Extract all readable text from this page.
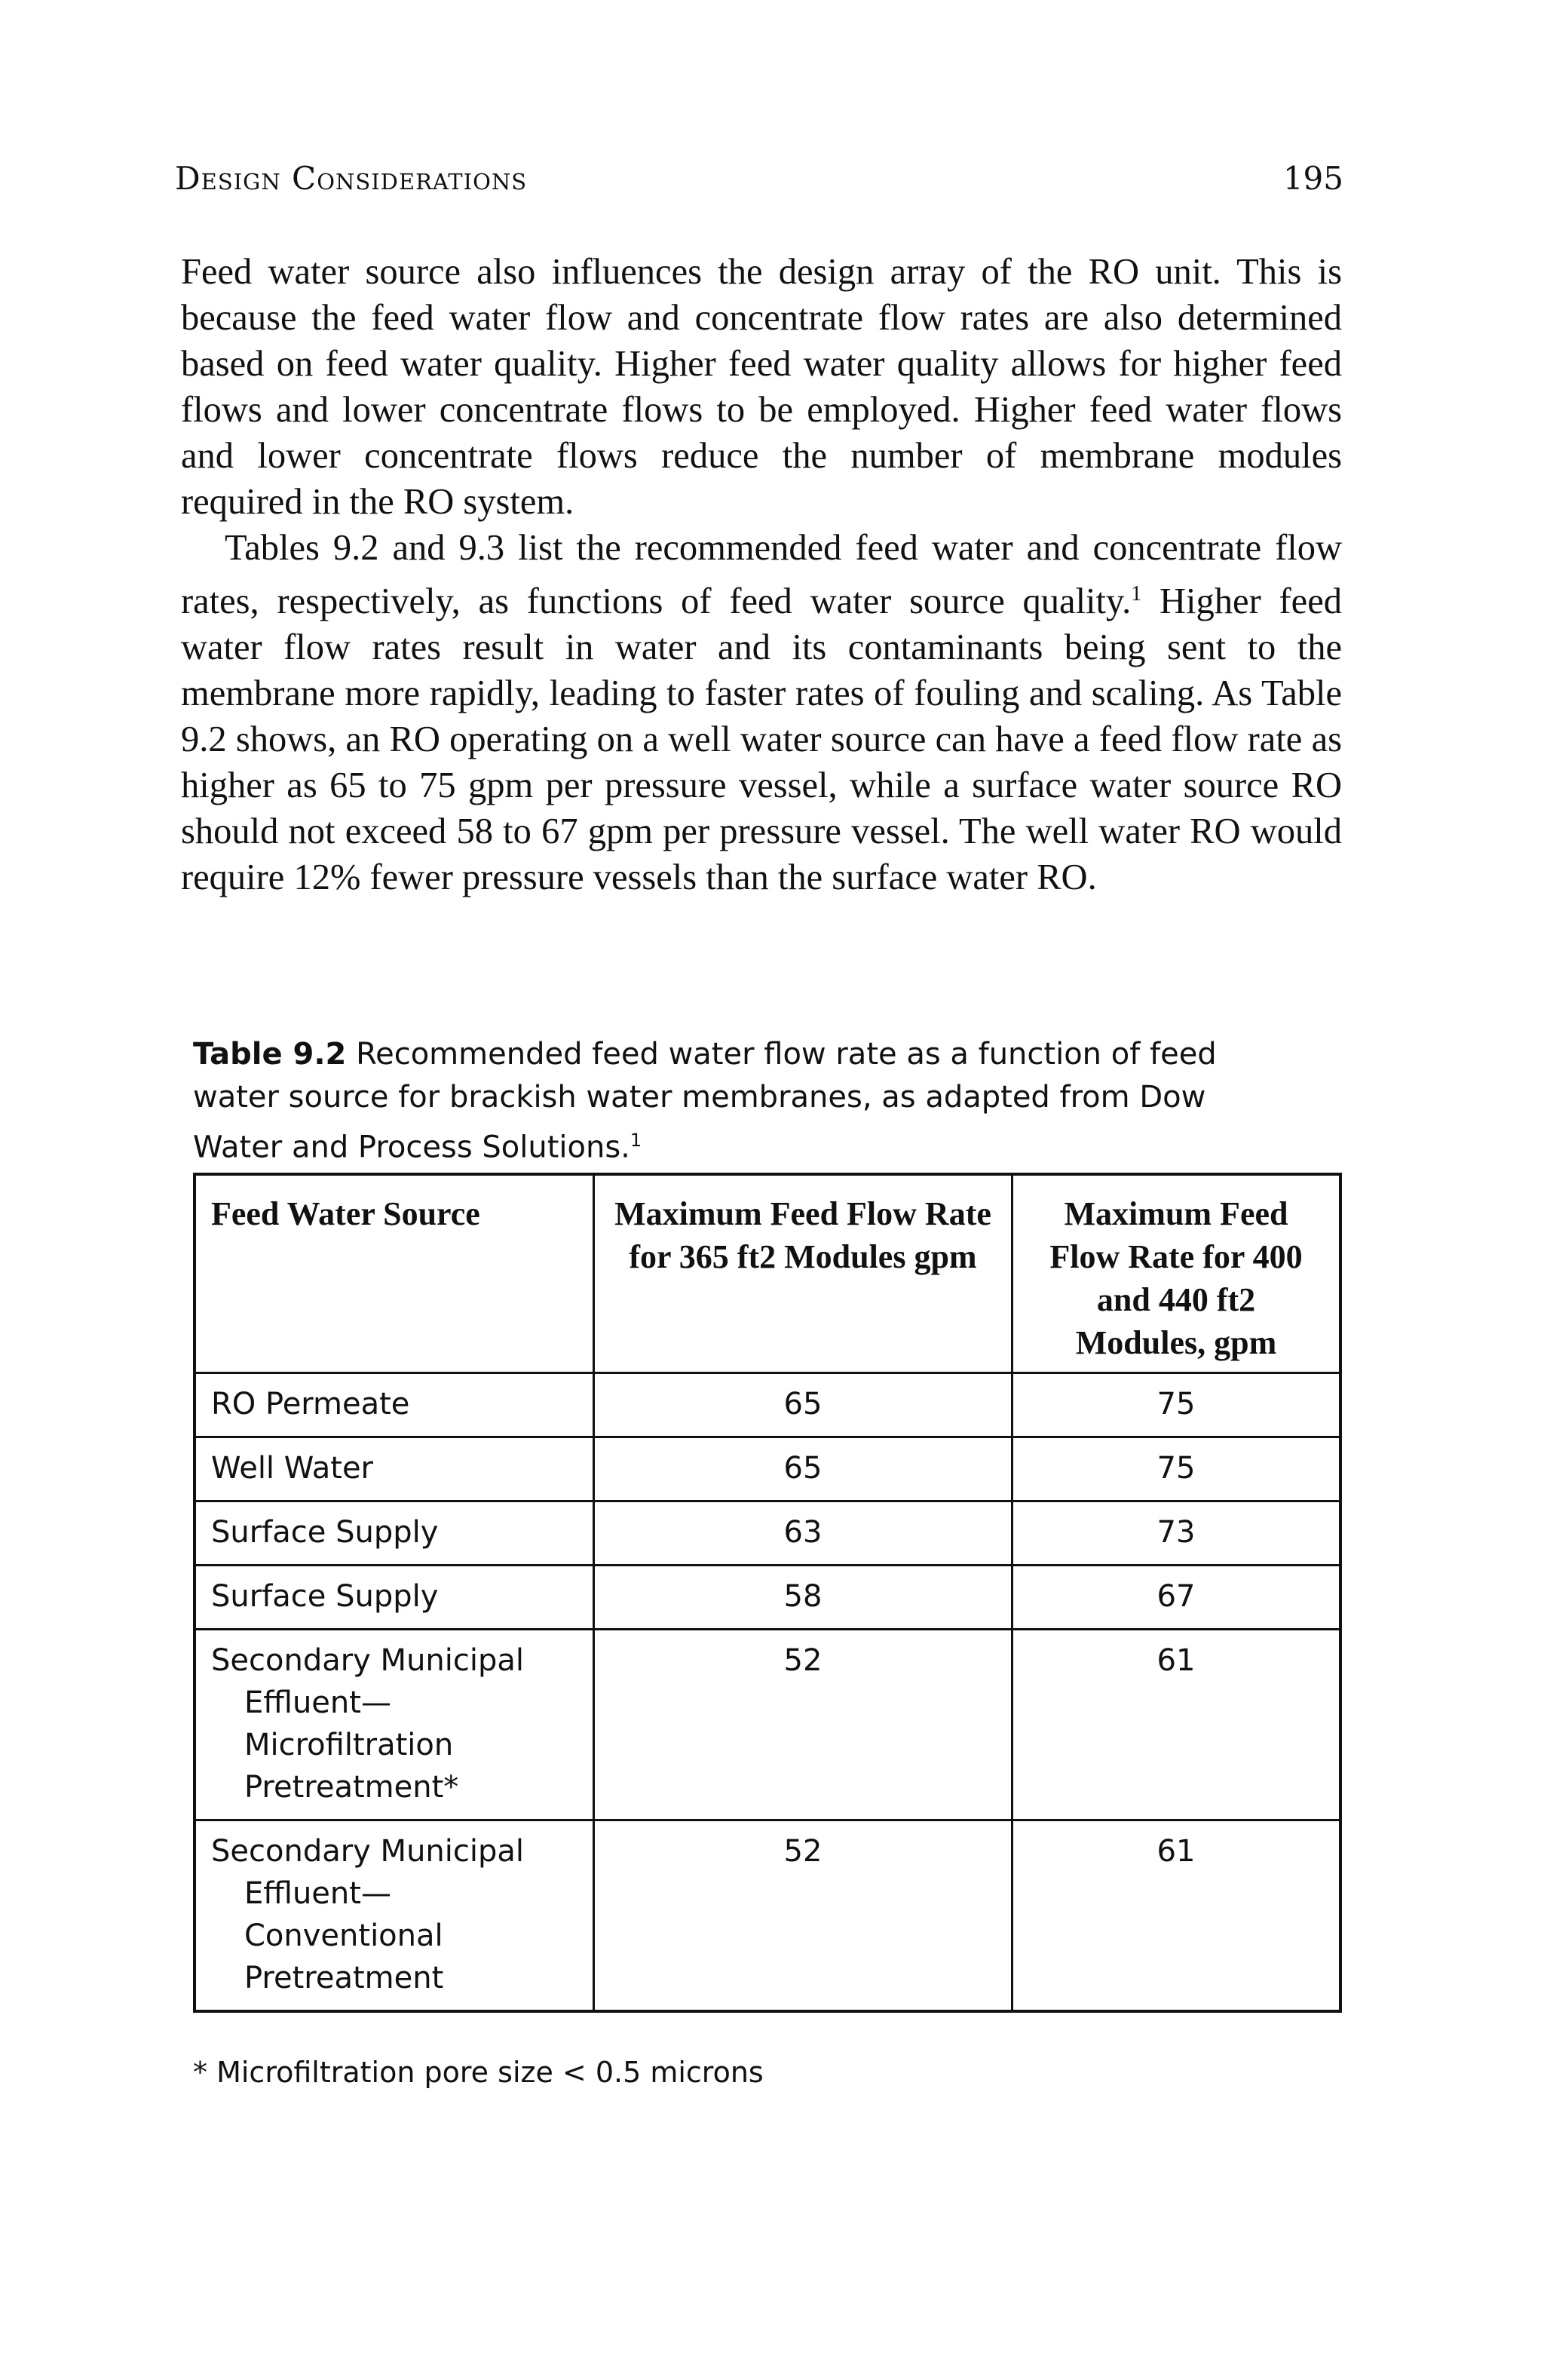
Design Considerations	195

Feed water source also influences the design array of the RO unit. This is because the feed water flow and concentrate flow rates are also determined based on feed water quality. Higher feed water quality allows for higher feed flows and lower concentrate flows to be employed. Higher feed water flows and lower concentrate flows reduce the number of membrane modules required in the RO system.

Tables 9.2 and 9.3 list the recommended feed water and concentrate flow rates, respectively, as functions of feed water source quality.$^1$ Higher feed water flow rates result in water and its contaminants being sent to the membrane more rapidly, leading to faster rates of fouling and scaling. As Table 9.2 shows, an RO operating on a well water source can have a feed flow rate as higher as 65 to 75 gpm per pressure vessel, while a surface water source RO should not exceed 58 to 67 gpm per pressure vessel. The well water RO would require 12% fewer pressure vessels than the surface water RO.

Table 9.2 Recommended feed water flow rate as a function of feed water source for brackish water membranes, as adapted from Dow Water and Process Solutions.$^1$
Feed Water Source	Maximum Feed Flow Rate for 365 ft2 Modules gpm	Maximum Feed Flow Rate for 400 and 440 ft2 Modules, gpm

RO Permeate	65	75

Well Water	65	75

Surface Supply	63	73

Surface Supply	58	67

Secondary Municipal
Effluent—
Microfiltration
Pretreatment*	52	61

Secondary Municipal
Effluent—
Conventional
Pretreatment	52	61
* Microfiltration pore size < 0.5 microns
